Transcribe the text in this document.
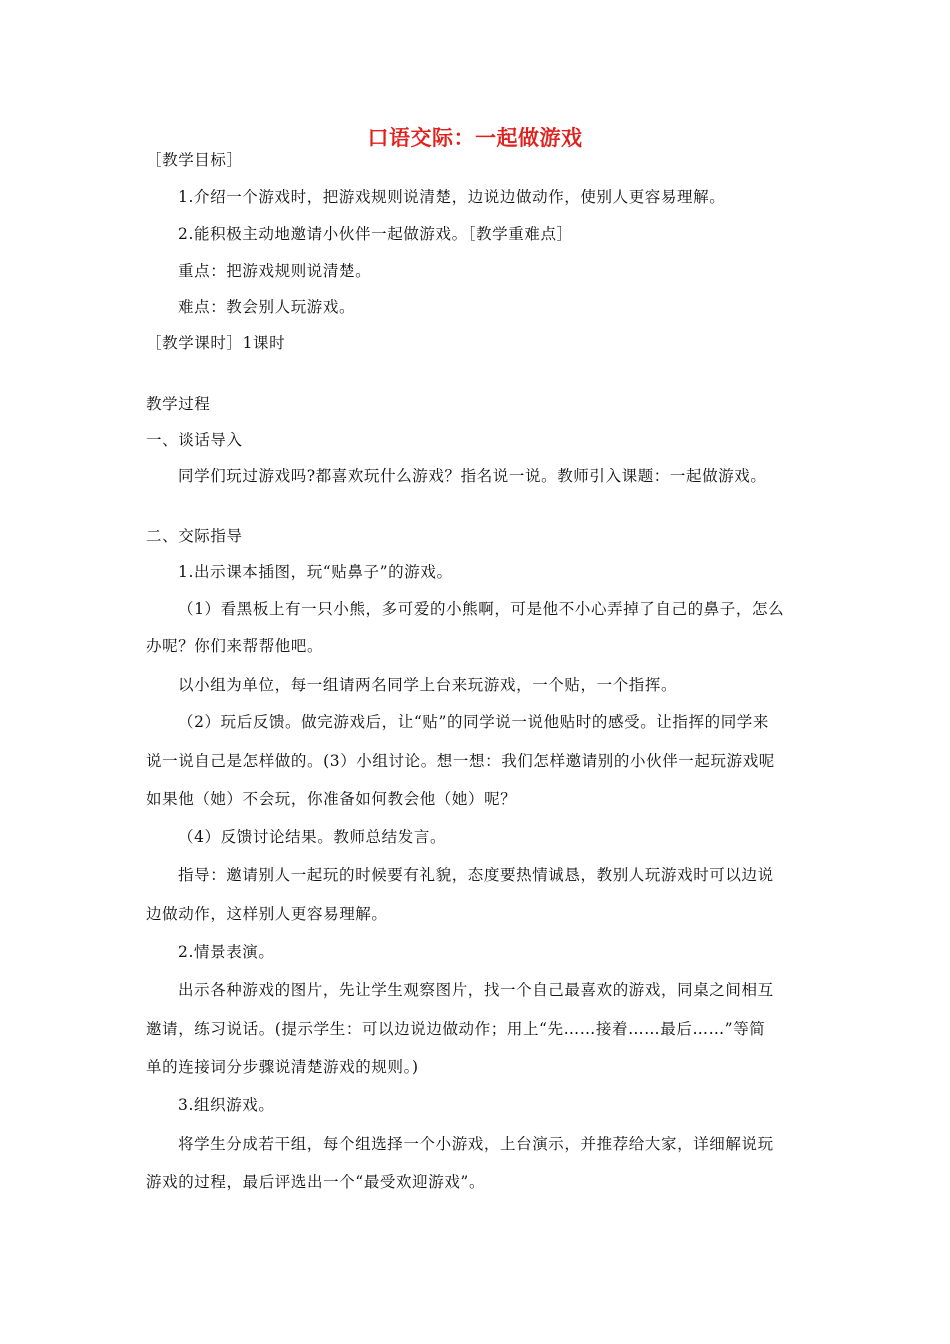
口语交际：一起做游戏
［教学目标］
1.介绍一个游戏时，把游戏规则说清楚，边说边做动作，使别人更容易理解。
2.能积极主动地邀请小伙伴一起做游戏。［教学重难点］
重点：把游戏规则说清楚。
难点：教会别人玩游戏。
［教学课时］1课时
教学过程
一、谈话导入
同学们玩过游戏吗?都喜欢玩什么游戏？指名说一说。教师引入课题：一起做游戏。
二、交际指导
1.出示课本插图，玩“贴鼻子”的游戏。
（1）看黑板上有一只小熊，多可爱的小熊啊，可是他不小心弄掉了自己的鼻子，怎么
办呢？你们来帮帮他吧。
以小组为单位，每一组请两名同学上台来玩游戏，一个贴，一个指挥。
（2）玩后反馈。做完游戏后，让“贴”的同学说一说他贴时的感受。让指挥的同学来
说一说自己是怎样做的。(3）小组讨论。想一想：我们怎样邀请别的小伙伴一起玩游戏呢
如果他（她）不会玩，你准备如何教会他（她）呢？
（4）反馈讨论结果。教师总结发言。
指导：邀请别人一起玩的时候要有礼貌，态度要热情诚恳，教别人玩游戏时可以边说
边做动作，这样别人更容易理解。
2.情景表演。
出示各种游戏的图片，先让学生观察图片，找一个自己最喜欢的游戏，同桌之间相互
邀请，练习说话。(提示学生：可以边说边做动作；用上“先……接着……最后……”等简
单的连接词分步骤说清楚游戏的规则。)
3.组织游戏。
将学生分成若干组，每个组选择一个小游戏，上台演示，并推荐给大家，详细解说玩
游戏的过程，最后评选出一个“最受欢迎游戏”。
